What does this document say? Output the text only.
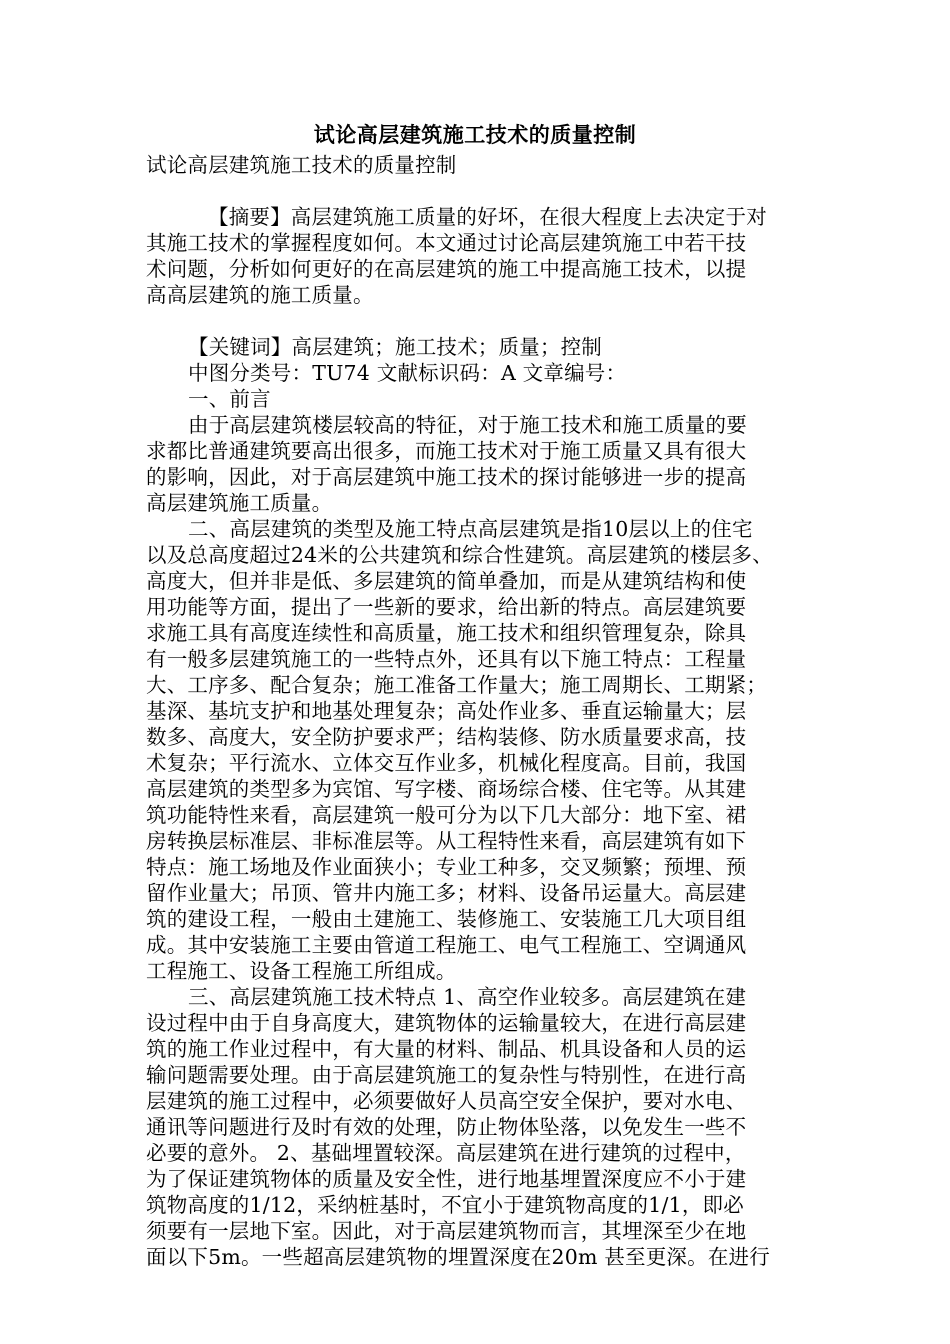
试论高层建筑施工技术的质量控制
试论高层建筑施工技术的质量控制
【摘要】高层建筑施工质量的好坏，在很大程度上去决定于对
其施工技术的掌握程度如何。本文通过讨论高层建筑施工中若干技
术问题，分析如何更好的在高层建筑的施工中提高施工技术，以提
高高层建筑的施工质量。
【关键词】高层建筑；施工技术；质量；控制
中图分类号：TU74 文献标识码：A 文章编号：
一、前言
由于高层建筑楼层较高的特征，对于施工技术和施工质量的要
求都比普通建筑要高出很多，而施工技术对于施工质量又具有很大
的影响，因此，对于高层建筑中施工技术的探讨能够进一步的提高
高层建筑施工质量。
二、高层建筑的类型及施工特点高层建筑是指10层以上的住宅
以及总高度超过24米的公共建筑和综合性建筑。高层建筑的楼层多、
高度大，但并非是低、多层建筑的简单叠加，而是从建筑结构和使
用功能等方面，提出了一些新的要求，给出新的特点。高层建筑要
求施工具有高度连续性和高质量，施工技术和组织管理复杂，除具
有一般多层建筑施工的一些特点外，还具有以下施工特点：工程量
大、工序多、配合复杂；施工准备工作量大；施工周期长、工期紧；
基深、基坑支护和地基处理复杂；高处作业多、垂直运输量大；层
数多、高度大，安全防护要求严；结构装修、防水质量要求高，技
术复杂；平行流水、立体交互作业多，机械化程度高。目前，我国
高层建筑的类型多为宾馆、写字楼、商场综合楼、住宅等。从其建
筑功能特性来看，高层建筑一般可分为以下几大部分：地下室、裙
房转换层标准层、非标准层等。从工程特性来看，高层建筑有如下
特点：施工场地及作业面狭小；专业工种多，交叉频繁；预埋、预
留作业量大；吊顶、管井内施工多；材料、设备吊运量大。高层建
筑的建设工程，一般由土建施工、装修施工、安装施工几大项目组
成。其中安装施工主要由管道工程施工、电气工程施工、空调通风
工程施工、设备工程施工所组成。
三、高层建筑施工技术特点 1、高空作业较多。高层建筑在建
设过程中由于自身高度大，建筑物体的运输量较大，在进行高层建
筑的施工作业过程中，有大量的材料、制品、机具设备和人员的运
输问题需要处理。由于高层建筑施工的复杂性与特别性，在进行高
层建筑的施工过程中，必须要做好人员高空安全保护，要对水电、
通讯等问题进行及时有效的处理，防止物体坠落，以免发生一些不
必要的意外。 2、基础埋置较深。高层建筑在进行建筑的过程中，
为了保证建筑物体的质量及安全性，进行地基埋置深度应不小于建
筑物高度的1/12，采纳桩基时，不宜小于建筑物高度的1/1，即必
须要有一层地下室。因此，对于高层建筑物而言，其埋深至少在地
面以下5m。一些超高层建筑物的埋置深度在20m 甚至更深。在进行
